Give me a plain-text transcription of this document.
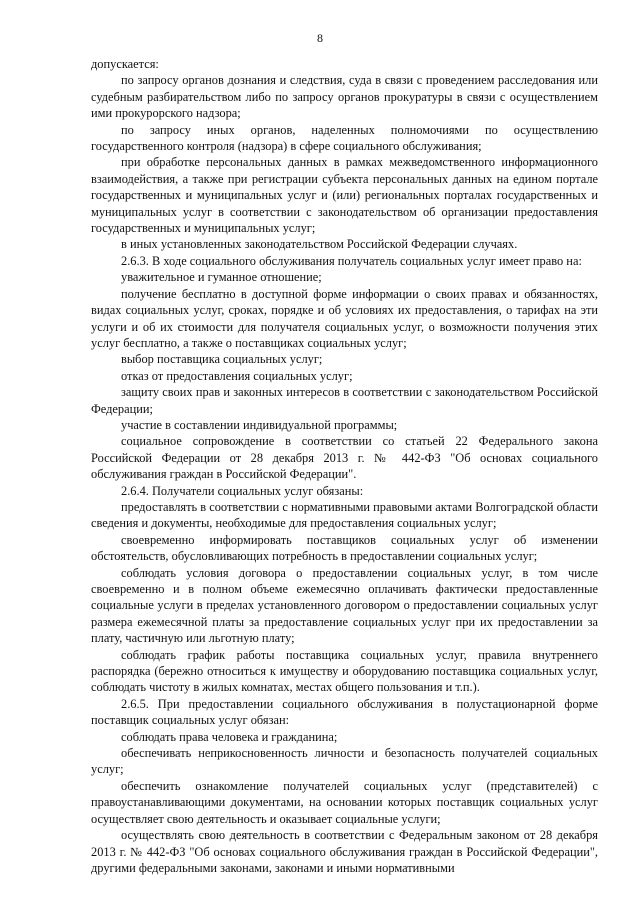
8

допускается:

по запросу органов дознания и следствия, суда в связи с проведением расследования или судебным разбирательством либо по запросу органов прокуратуры в связи с осуществлением ими прокурорского надзора;

по запросу иных органов, наделенных полномочиями по осуществлению государственного контроля (надзора) в сфере социального обслуживания;

при обработке персональных данных в рамках межведомственного информационного взаимодействия, а также при регистрации субъекта персональных данных на едином портале государственных и муниципальных услуг и (или) региональных порталах государственных и муниципальных услуг в соответствии с законодательством об организации предоставления государственных и муниципальных услуг;

в иных установленных законодательством Российской Федерации случаях.

2.6.3. В ходе социального обслуживания получатель социальных услуг имеет право на:

уважительное и гуманное отношение;

получение бесплатно в доступной форме информации о своих правах и обязанностях, видах социальных услуг, сроках, порядке и об условиях их предоставления, о тарифах на эти услуги и об их стоимости для получателя социальных услуг, о возможности получения этих услуг бесплатно, а также о поставщиках социальных услуг;

выбор поставщика социальных услуг;

отказ от предоставления социальных услуг;

защиту своих прав и законных интересов в соответствии с законодательством Российской Федерации;

участие в составлении индивидуальной программы;

социальное сопровождение в соответствии со статьей 22 Федерального закона Российской Федерации от 28 декабря 2013 г. № 442-ФЗ "Об основах социального обслуживания граждан в Российской Федерации".

2.6.4. Получатели социальных услуг обязаны:

предоставлять в соответствии с нормативными правовыми актами Волгоградской области сведения и документы, необходимые для предоставления социальных услуг;

своевременно информировать поставщиков социальных услуг об изменении обстоятельств, обусловливающих потребность в предоставлении социальных услуг;

соблюдать условия договора о предоставлении социальных услуг, в том числе своевременно и в полном объеме ежемесячно оплачивать фактически предоставленные социальные услуги в пределах установленного договором о предоставлении социальных услуг размера ежемесячной платы за предоставление социальных услуг при их предоставлении за плату, частичную или льготную плату;

соблюдать график работы поставщика социальных услуг, правила внутреннего распорядка (бережно относиться к имуществу и оборудованию поставщика социальных услуг, соблюдать чистоту в жилых комнатах, местах общего пользования и т.п.).

2.6.5. При предоставлении социального обслуживания в полустационарной форме поставщик социальных услуг обязан:

соблюдать права человека и гражданина;

обеспечивать неприкосновенность личности и безопасность получателей социальных услуг;

обеспечить ознакомление получателей социальных услуг (представителей) с правоустанавливающими документами, на основании которых поставщик социальных услуг осуществляет свою деятельность и оказывает социальные услуги;

осуществлять свою деятельность в соответствии с Федеральным законом от 28 декабря 2013 г. № 442-ФЗ "Об основах социального обслуживания граждан в Российской Федерации", другими федеральными законами, законами и иными нормативными
